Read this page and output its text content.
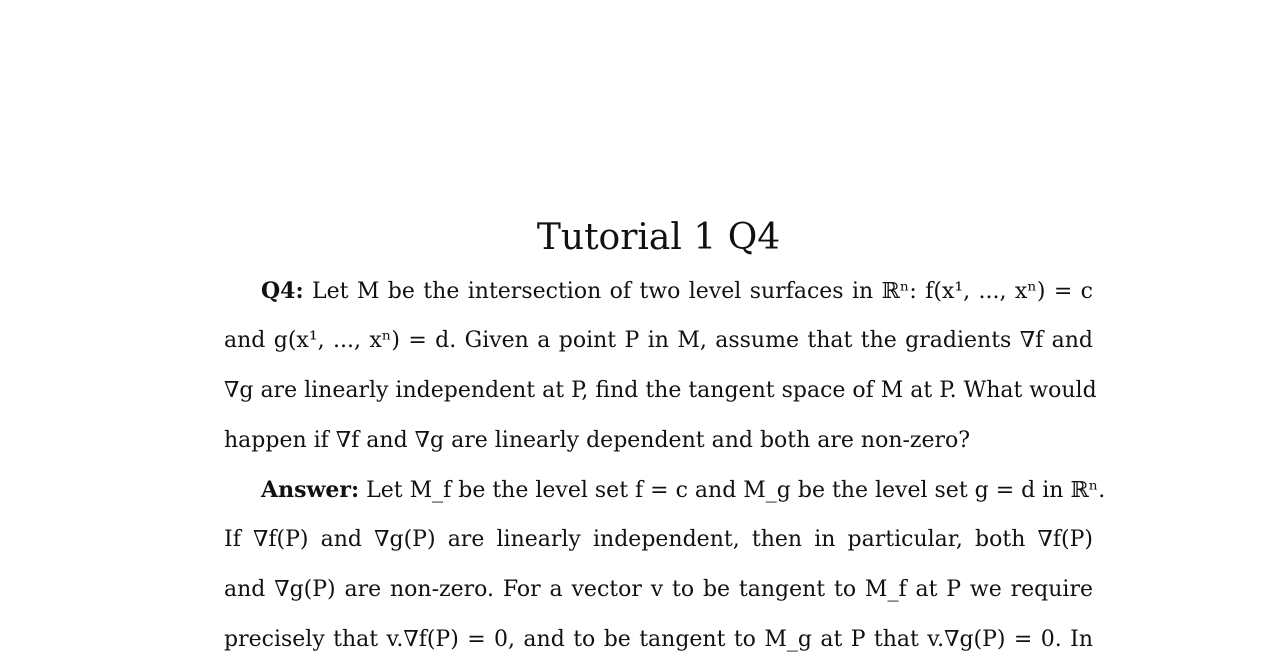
Tutorial 1 Q4
Q4: Let M be the intersection of two level surfaces in ℝⁿ: f(x¹, ..., xⁿ) = c
and g(x¹, ..., xⁿ) = d. Given a point P in M, assume that the gradients ∇f and
∇g are linearly independent at P, find the tangent space of M at P. What would
happen if ∇f and ∇g are linearly dependent and both are non-zero?
Answer: Let M_f be the level set f = c and M_g be the level set g = d in ℝⁿ.
If ∇f(P) and ∇g(P) are linearly independent, then in particular, both ∇f(P)
and ∇g(P) are non-zero. For a vector v to be tangent to M_f at P we require
precisely that v.∇f(P) = 0, and to be tangent to M_g at P that v.∇g(P) = 0. In
